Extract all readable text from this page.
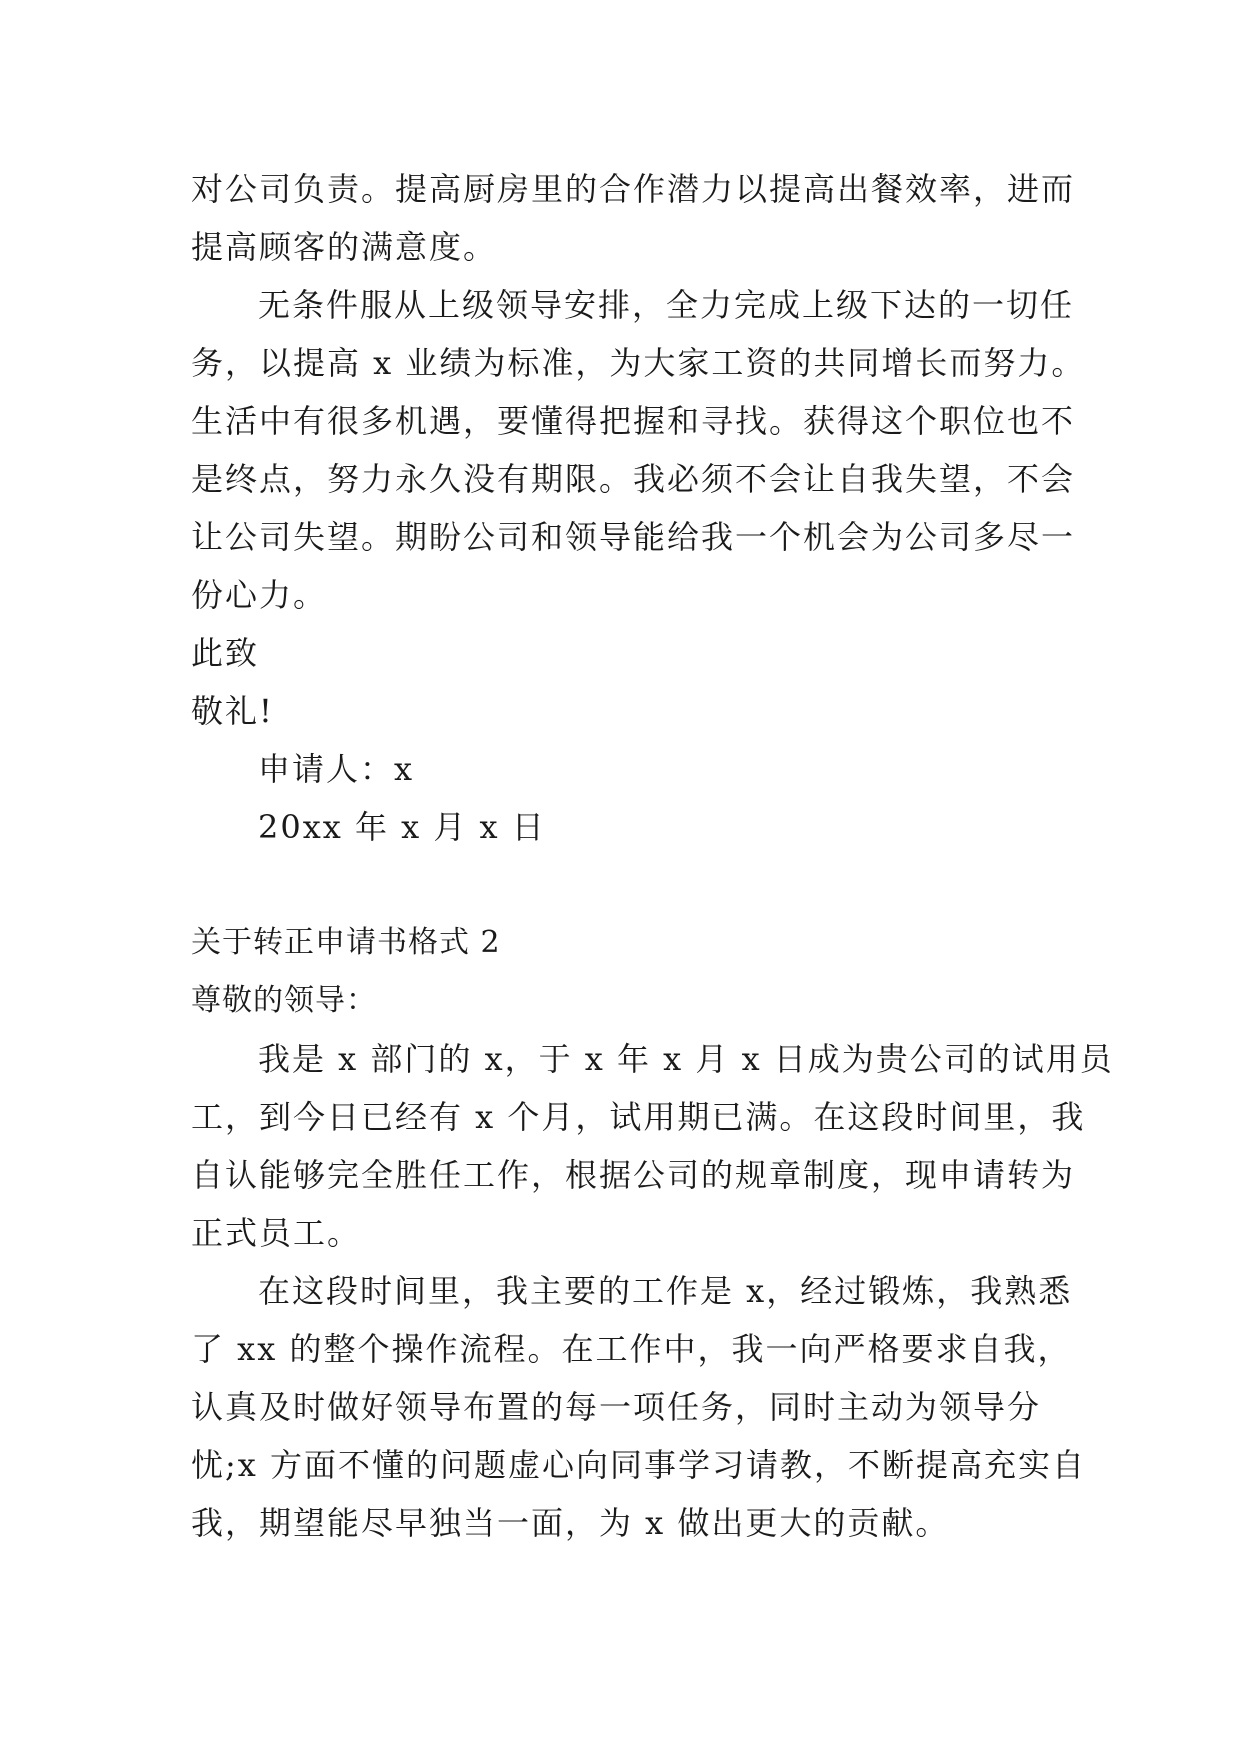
对公司负责。提高厨房里的合作潜力以提高出餐效率，进而
提高顾客的满意度。
无条件服从上级领导安排，全力完成上级下达的一切任
务，以提高 x 业绩为标准，为大家工资的共同增长而努力。
生活中有很多机遇，要懂得把握和寻找。获得这个职位也不
是终点，努力永久没有期限。我必须不会让自我失望，不会
让公司失望。期盼公司和领导能给我一个机会为公司多尽一
份心力。
此致
敬礼!
申请人：x
20xx 年 x 月 x 日
关于转正申请书格式 2
尊敬的领导：
我是 x 部门的 x，于 x 年 x 月 x 日成为贵公司的试用员
工，到今日已经有 x 个月，试用期已满。在这段时间里，我
自认能够完全胜任工作，根据公司的规章制度，现申请转为
正式员工。
在这段时间里，我主要的工作是 x，经过锻炼，我熟悉
了 xx 的整个操作流程。在工作中，我一向严格要求自我，
认真及时做好领导布置的每一项任务，同时主动为领导分
忧;x 方面不懂的问题虚心向同事学习请教，不断提高充实自
我，期望能尽早独当一面，为 x 做出更大的贡献。
